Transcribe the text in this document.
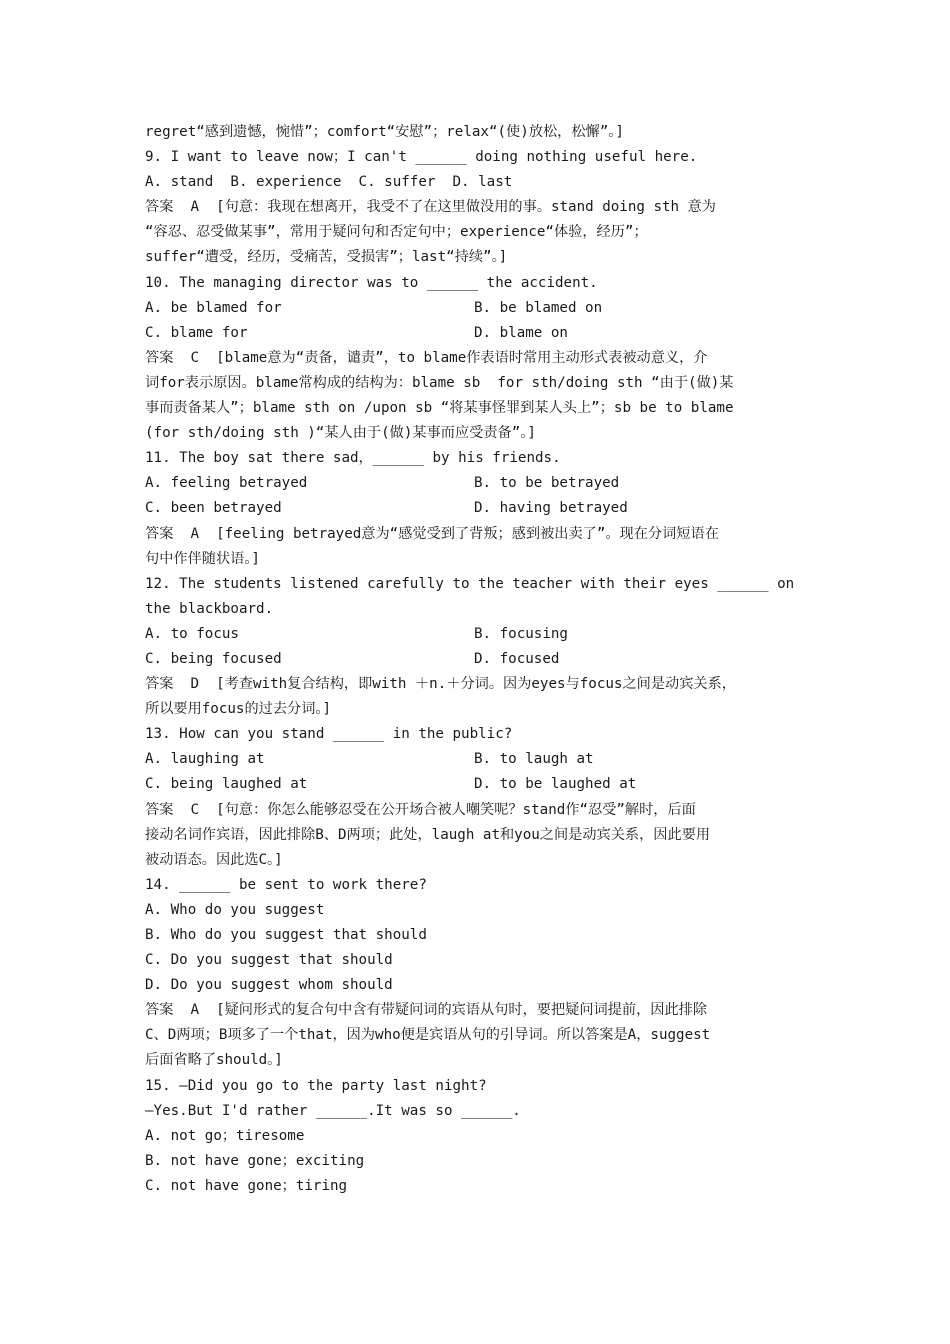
regret“感到遗憾，惋惜”；comfort“安慰”；relax“(使)放松，松懈”。]
9. I want to leave now；I can't ______ doing nothing useful here.
A. stand  B. experience  C. suffer  D. last
答案  A  [句意：我现在想离开，我受不了在这里做没用的事。stand doing sth 意为
“容忍、忍受做某事”，常用于疑问句和否定句中；experience“体验，经历”；
suffer“遭受，经历，受痛苦，受损害”；last“持续”。]
10. The managing director was to ______ the accident.
A. be blamed for	B. be blamed on
C. blame for	D. blame on
答案  C  [blame意为“责备，谴责”，to blame作表语时常用主动形式表被动意义，介
词for表示原因。blame常构成的结构为：blame sb  for sth/doing sth “由于(做)某
事而责备某人”；blame sth on /upon sb “将某事怪罪到某人头上”；sb be to blame
(for sth/doing sth )“某人由于(做)某事而应受责备”。]
11. The boy sat there sad，______ by his friends.
A. feeling betrayed	B. to be betrayed
C. been betrayed	D. having betrayed
答案  A  [feeling betrayed意为“感觉受到了背叛；感到被出卖了”。现在分词短语在
句中作伴随状语。]
12. The students listened carefully to the teacher with their eyes ______ on
the blackboard.
A. to focus	B. focusing
C. being focused	D. focused
答案  D  [考查with复合结构，即with ＋n.＋分词。因为eyes与focus之间是动宾关系，
所以要用focus的过去分词。]
13. How can you stand ______ in the public?
A. laughing at	B. to laugh at
C. being laughed at	D. to be laughed at
答案  C  [句意：你怎么能够忍受在公开场合被人嘲笑呢？stand作“忍受”解时，后面
接动名词作宾语，因此排除B、D两项；此处，laugh at和you之间是动宾关系，因此要用
被动语态。因此选C。]
14. ______ be sent to work there?
A. Who do you suggest
B. Who do you suggest that should
C. Do you suggest that should
D. Do you suggest whom should
答案  A  [疑问形式的复合句中含有带疑问词的宾语从句时，要把疑问词提前，因此排除
C、D两项；B项多了一个that，因为who便是宾语从句的引导词。所以答案是A，suggest
后面省略了should。]
15. —Did you go to the party last night?
—Yes.But I'd rather ______.It was so ______.
A. not go；tiresome
B. not have gone；exciting
C. not have gone；tiring
